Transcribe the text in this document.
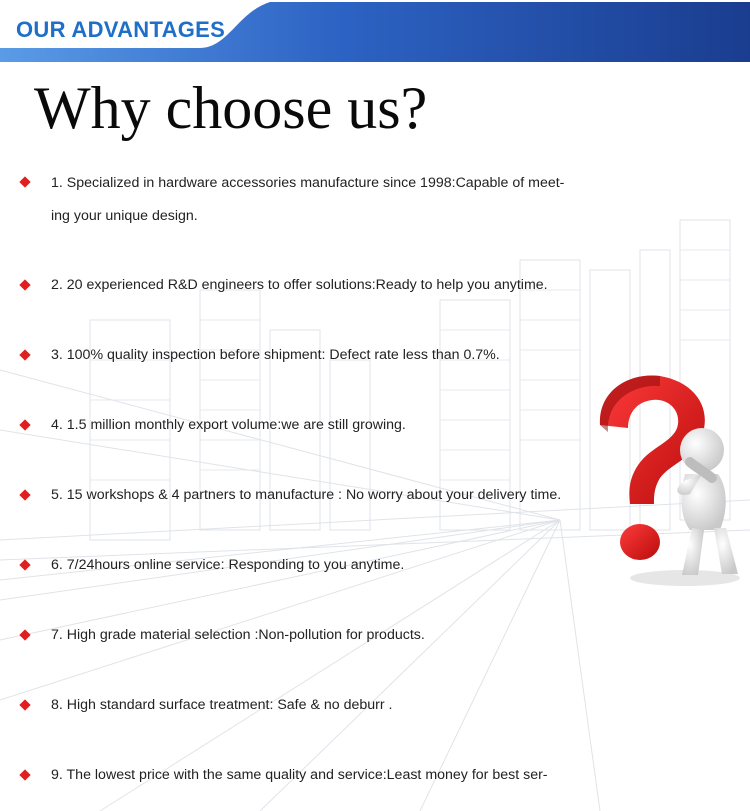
OUR ADVANTAGES
Why choose us?
1. Specialized in hardware accessories manufacture since 1998:Capable of meet-
ing your unique design.
2. 20 experienced R&D engineers to offer solutions:Ready to help you anytime.
3. 100% quality inspection before shipment: Defect rate less than 0.7%.
4. 1.5 million monthly export volume:we are still growing.
5. 15 workshops & 4 partners to manufacture : No worry about your delivery time.
6. 7/24hours online service: Responding to you anytime.
7. High grade material selection :Non-pollution for products.
8. High standard surface treatment: Safe & no deburr .
9. The lowest price with the same quality and service:Least money for best ser-
